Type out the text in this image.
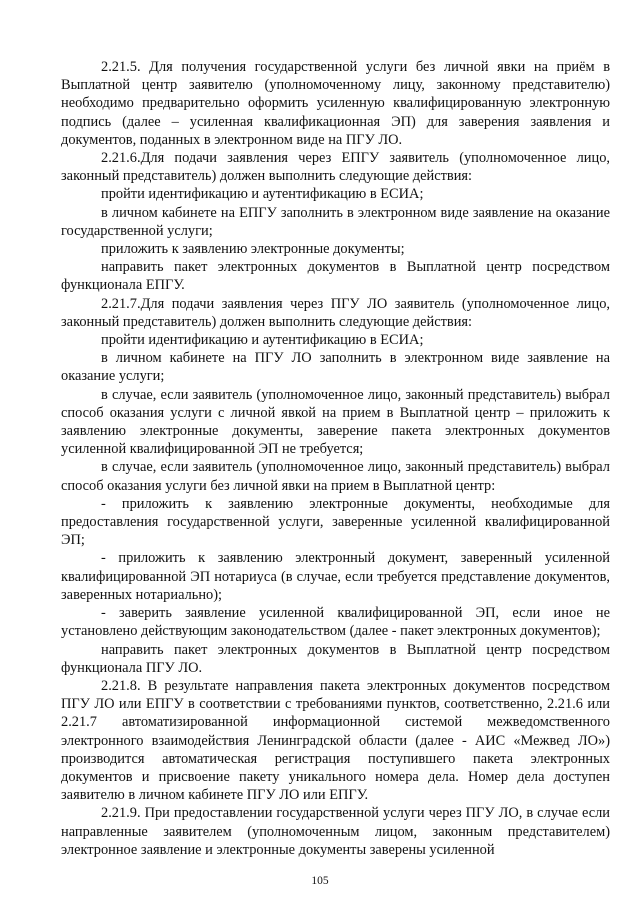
2.21.5. Для получения государственной услуги без личной явки на приём в Выплатной центр заявителю (уполномоченному лицу, законному представителю) необходимо предварительно оформить усиленную квалифицированную электронную подпись (далее – усиленная квалификационная ЭП) для заверения заявления и документов, поданных в электронном виде на ПГУ ЛО.

2.21.6.Для подачи заявления через ЕПГУ заявитель (уполномоченное лицо, законный представитель) должен выполнить следующие действия:

пройти идентификацию и аутентификацию в ЕСИА;

в личном кабинете на ЕПГУ заполнить в электронном виде заявление на оказание государственной услуги;

приложить к заявлению электронные документы;

направить пакет электронных документов в Выплатной центр посредством функционала ЕПГУ.

2.21.7.Для подачи заявления через ПГУ ЛО заявитель (уполномоченное лицо, законный представитель) должен выполнить следующие действия:

пройти идентификацию и аутентификацию в ЕСИА;

в личном кабинете на ПГУ ЛО заполнить в электронном виде заявление на оказание услуги;

в случае, если заявитель (уполномоченное лицо, законный представитель) выбрал способ оказания услуги с личной явкой на прием в Выплатной центр – приложить к заявлению электронные документы, заверение пакета электронных документов усиленной квалифицированной ЭП не требуется;

в случае, если заявитель (уполномоченное лицо, законный представитель) выбрал способ оказания услуги без личной явки на прием в Выплатной центр:

- приложить к заявлению электронные документы, необходимые для предоставления государственной услуги, заверенные усиленной квалифицированной ЭП;

- приложить к заявлению электронный документ, заверенный усиленной квалифицированной ЭП нотариуса (в случае, если требуется представление документов, заверенных нотариально);

- заверить заявление усиленной квалифицированной ЭП, если иное не установлено действующим законодательством (далее - пакет электронных документов);

направить пакет электронных документов в Выплатной центр посредством функционала ПГУ ЛО.

2.21.8. В результате направления пакета электронных документов посредством ПГУ ЛО или ЕПГУ в соответствии с требованиями пунктов, соответственно, 2.21.6 или 2.21.7 автоматизированной информационной системой межведомственного электронного взаимодействия Ленинградской области (далее - АИС «Межвед ЛО») производится автоматическая регистрация поступившего пакета электронных документов и присвоение пакету уникального номера дела. Номер дела доступен заявителю в личном кабинете ПГУ ЛО или ЕПГУ.

2.21.9. При предоставлении государственной услуги через ПГУ ЛО, в случае если направленные заявителем (уполномоченным лицом, законным представителем) электронное заявление и электронные документы заверены усиленной

105
